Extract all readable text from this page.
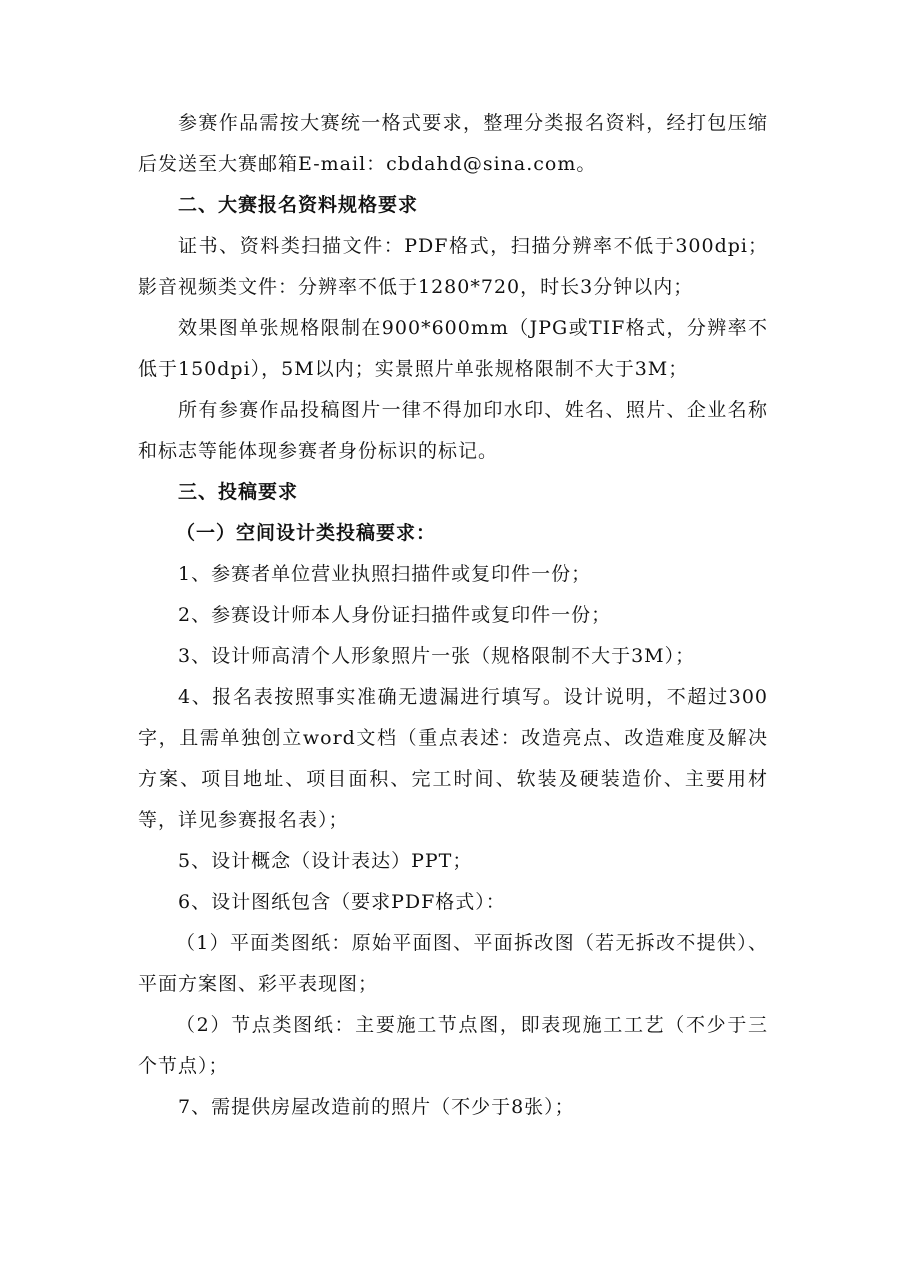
参赛作品需按大赛统一格式要求，整理分类报名资料，经打包压缩后发送至大赛邮箱E-mail：cbdahd@sina.com。

二、大赛报名资料规格要求

证书、资料类扫描文件：PDF格式，扫描分辨率不低于300dpi；影音视频类文件：分辨率不低于1280*720，时长3分钟以内；

效果图单张规格限制在900*600mm（JPG或TIF格式，分辨率不低于150dpi），5M以内；实景照片单张规格限制不大于3M；

所有参赛作品投稿图片一律不得加印水印、姓名、照片、企业名称和标志等能体现参赛者身份标识的标记。

三、投稿要求

（一）空间设计类投稿要求：

1、参赛者单位营业执照扫描件或复印件一份；

2、参赛设计师本人身份证扫描件或复印件一份；

3、设计师高清个人形象照片一张（规格限制不大于3M）；

4、报名表按照事实准确无遗漏进行填写。设计说明，不超过300字，且需单独创立word文档（重点表述：改造亮点、改造难度及解决方案、项目地址、项目面积、完工时间、软装及硬装造价、主要用材等，详见参赛报名表）；

5、设计概念（设计表达）PPT；

6、设计图纸包含（要求PDF格式）：

（1）平面类图纸：原始平面图、平面拆改图（若无拆改不提供）、平面方案图、彩平表现图；

（2）节点类图纸：主要施工节点图，即表现施工工艺（不少于三个节点）；

7、需提供房屋改造前的照片（不少于8张）；
